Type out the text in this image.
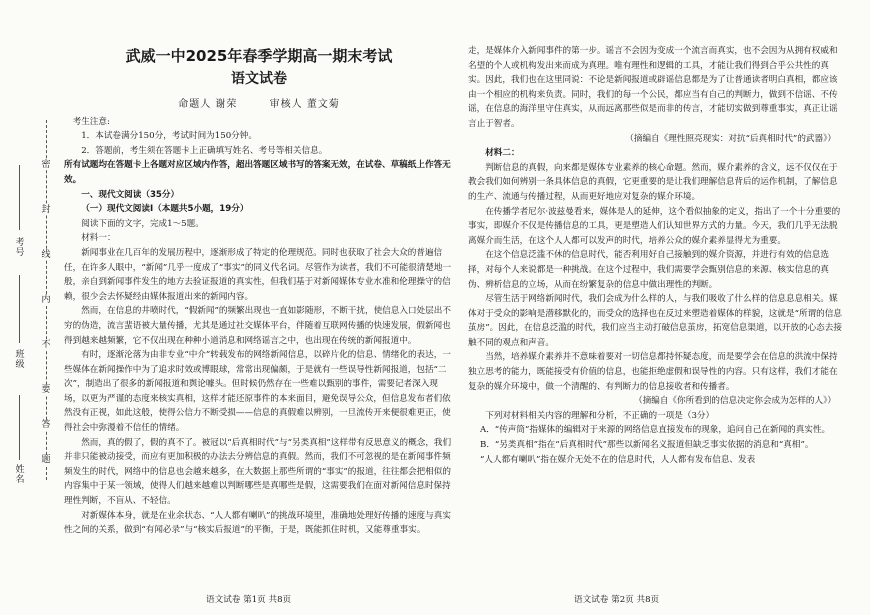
密
封
线
内
不
要
答
题
考号
班级
姓名

武威一中2025年春季学期高一期末考试

语文试卷

命题人 谢荣	审核人 董文菊

考生注意:

1．本试卷满分150分，考试时间为150分钟。

2．答题前，考生须在答题卡上正确填写姓名、考号等相关信息。

所有试题均在答题卡上各题对应区域内作答，超出答题区域书写的答案无效，在试卷、草稿纸上作答无效。

一、现代文阅读（35分）

（一）现代文阅读Ⅰ（本题共5小题，19分）

阅读下面的文字，完成1～5题。

材料一：

新闻事业在几百年的发展历程中，逐渐形成了特定的伦理规范。同时也获取了社会大众的普遍信任，在许多人眼中，“新闻”几乎一度成了“事实”的同义代名词。尽管作为读者，我们不可能很清楚地一般，亲自到新闻事件发生的地方去验证报道的真实性，但我们基于对新闻媒体专业水准和伦理操守的信赖，很少会去怀疑经由媒体报道出来的新闻内容。

然而，在信息的井喷时代，“假新闻”的频繁出现也一直如影随形，不断干扰，使信息入口处层出不穷的伪造，流言蜚语被大量传播，尤其是通过社交媒体平台，伴随着互联网传播的快速发展，假新闻也得到越来越频繁，它不仅出现在种种小道消息和网络谣言之中，也出现在传统的新闻报道中。

有时，逐渐沦落为由非专业“中介”转载发布的网络新闻信息，以碎片化的信息、情绪化的表达，一些媒体在新闻操作中为了追求时效或博眼球，常常出现偏颇，于是就有一些误导性新闻报道，包括“二次”，制造出了很多的新闻报道和舆论噱头。但时候仍然存在一些难以甄别的事件，需要记者深入现场，以更为严谨的态度来核实真相，这样才能还原事件的本来面目，避免误导公众，但信息发布者们依然没有正视，如此这般，使得公信力不断受损——信息的真假难以辨别，一旦流传开来便很难更正，使得社会中弥漫着不信任的情绪。

然而，真的假了，假的真不了。被冠以“后真相时代”与“另类真相”这样带有反思意义的概念，我们并非只能被动接受，而应有更加积极的办法去分辨信息的真假。然而，我们不可忽视的是在新闻事件频频发生的时代，网络中的信息也会越来越多，在大数据上那些所谓的“事实”的报道，往往都会把相似的内容集中于某一领域，使得人们越来越难以判断哪些是真哪些是假，这需要我们在面对新闻信息时保持理性判断，不盲从、不轻信。

对新媒体本身，就是在业余状态、“人人都有喇叭”的挑战环境里，准确地处理好传播的速度与真实性之间的关系，做到“有闻必录”与“核实后报道”的平衡，于是，既能抓住时机，又能尊重事实。

走，是媒体介入新闻事件的第一步。谣言不会因为变成一个流言而真实，也不会因为从拥有权威和名望的个人或机构发出来而成为真理。唯有理性和逻辑的工具，才能让我们得到合乎公共性的真实。因此，我们也在这里同说：不论是新闻报道或辟谣信息都是为了让普通读者明白真相，都应该由一个相应的机构来负责。同时，我们的每一个公民，都应当有自己的判断力，做到不信谣、不传谣，在信息的海洋里守住真实，从而远离那些似是而非的传言，才能切实做到尊重事实，真正让谣言止于智者。

（摘编自《理性照亮现实：对抗“后真相时代”的武器》）

材料二：

判断信息的真假，向来都是媒体专业素养的核心命题。然而，媒介素养的含义，远不仅仅在于教会我们如何辨别一条具体信息的真假，它更重要的是让我们理解信息背后的运作机制，了解信息的生产、流通与传播过程，从而更好地应对复杂的媒介环境。

在传播学者尼尔·波兹曼看来，媒体是人的延伸，这个看似抽象的定义，指出了一个十分重要的事实，即媒介不仅是传播信息的工具，更是塑造人们认知世界方式的力量。今天，我们几乎无法脱离媒介而生活，在这个人人都可以发声的时代，培养公众的媒介素养显得尤为重要。

在这个信息泛滥不休的信息时代，能否利用好自己接触到的媒介资源，并进行有效的信息选择，对每个人来说都是一种挑战。在这个过程中，我们需要学会甄别信息的来源、核实信息的真伪、辨析信息的立场，从而在纷繁复杂的信息中做出理性的判断。

尽管生活于网络新闻时代，我们会成为什么样的人，与我们吸收了什么样的信息息息相关。媒体对于受众的影响是潜移默化的，而受众的选择也在反过来塑造着媒体的样貌，这就是“所谓的信息茧房”。因此，在信息泛滥的时代，我们应当主动打破信息茧房，拓宽信息渠道，以开放的心态去接触不同的观点和声音。

当然，培养媒介素养并不意味着要对一切信息都持怀疑态度，而是要学会在信息的洪流中保持独立思考的能力，既能接受有价值的信息，也能拒绝虚假和误导性的内容。只有这样，我们才能在复杂的媒介环境中，做一个清醒的、有判断力的信息接收者和传播者。

（摘编自《你所看到的信息决定你会成为怎样的人》）

下列对材料相关内容的理解和分析，不正确的一项是（3分）

A．“传声筒”指媒体的编辑对于来源的网络信息直接发布的现象，追问自己在新闻的真实性。

B．“另类真相”指在“后真相时代”那些以新闻名义报道但缺乏事实依据的消息和“真相”。

“人人都有喇叭”指在媒介无处不在的信息时代，人人都有发布信息、发表

语文试卷 第1页 共8页	语文试卷 第2页 共8页
